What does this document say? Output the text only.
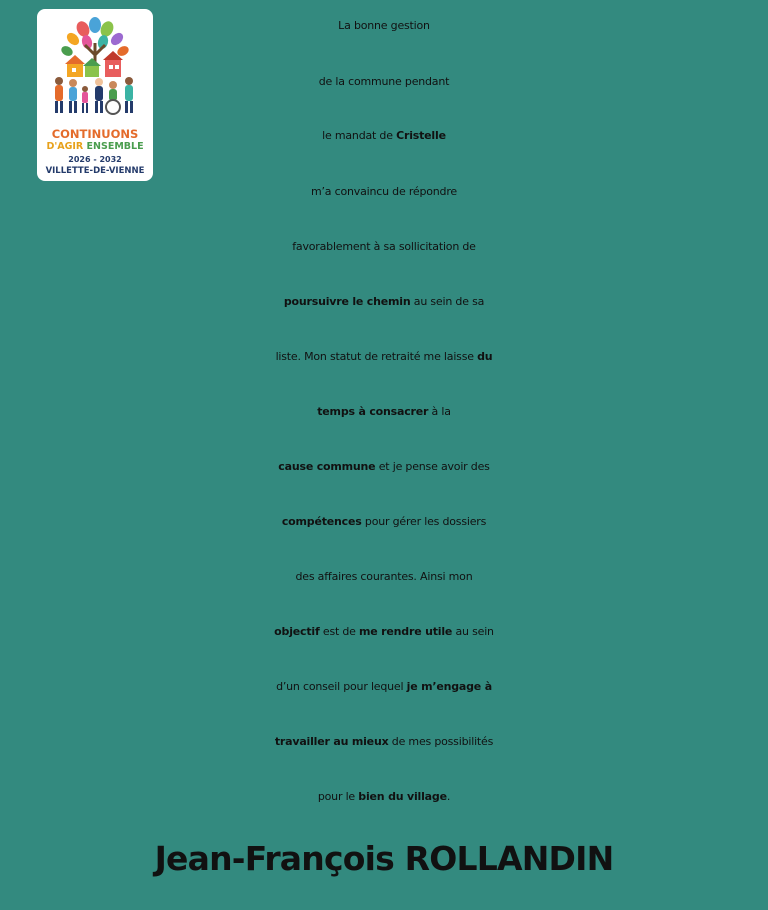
CONTINUONS
D'AGIR ENSEMBLE
2026 - 2032
VILLETTE-DE-VIENNE
La bonne gestion
de la commune pendant
le mandat de Cristelle
m’a convaincu de répondre
favorablement à sa sollicitation de
poursuivre le chemin au sein de sa
liste. Mon statut de retraité me laisse du
temps à consacrer à la
cause commune et je pense avoir des
compétences pour gérer les dossiers
des affaires courantes. Ainsi mon
objectif est de me rendre utile au sein
d’un conseil pour lequel je m’engage à
travailler au mieux de mes possibilités
pour le bien du village.
Jean-François ROLLANDIN
